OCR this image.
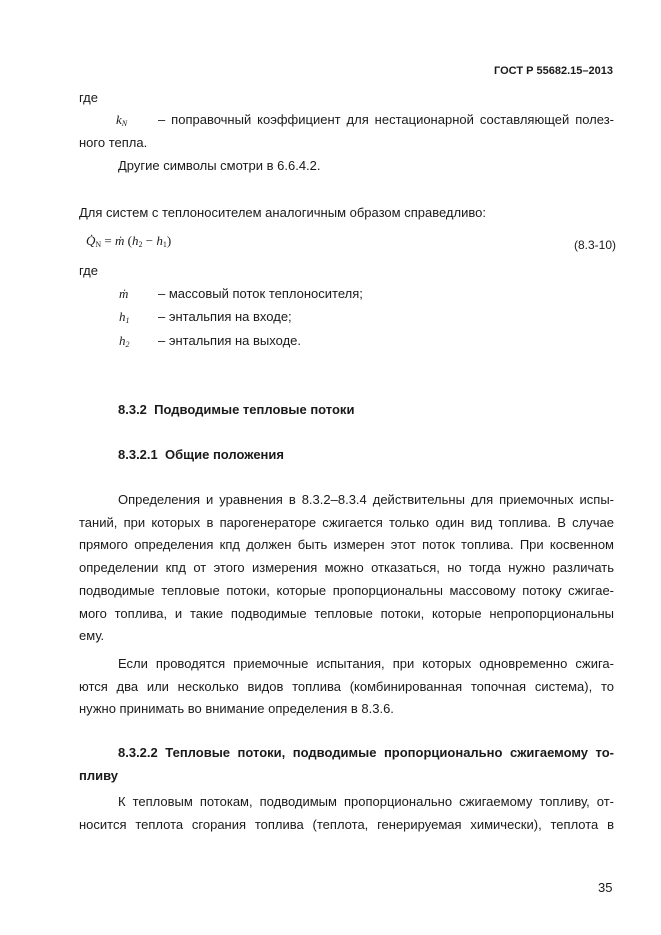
ГОСТ Р 55682.15–2013
где
$k_N$ – поправочный коэффициент для нестационарной составляющей полез-
ного тепла.
Другие символы смотри в 6.6.4.2.
Для систем с теплоносителем аналогичным образом справедливо:
$Q̇_N$ = ṁ $(h_2 - h_1)$	(8.3-10)
где
ṁ – массовый поток теплоносителя;
$h_1$ – энтальпия на входе;
$h_2$ – энтальпия на выходе.
8.3.2 Подводимые тепловые потоки
8.3.2.1 Общие положения
Определения и уравнения в 8.3.2–8.3.4 действительны для приемочных испы-
таний, при которых в парогенераторе сжигается только один вид топлива. В случае
прямого определения кпд должен быть измерен этот поток топлива. При косвенном
определении кпд от этого измерения можно отказаться, но тогда нужно различать
подводимые тепловые потоки, которые пропорциональны массовому потоку сжигае-
мого топлива, и такие подводимые тепловые потоки, которые непропорциональны
ему.
Если проводятся приемочные испытания, при которых одновременно сжига-
ются два или несколько видов топлива (комбинированная топочная система), то
нужно принимать во внимание определения в 8.3.6.
8.3.2.2 Тепловые потоки, подводимые пропорционально сжигаемому то-
пливу
К тепловым потокам, подводимым пропорционально сжигаемому топливу, от-
носится теплота сгорания топлива (теплота, генерируемая химически), теплота в
35
